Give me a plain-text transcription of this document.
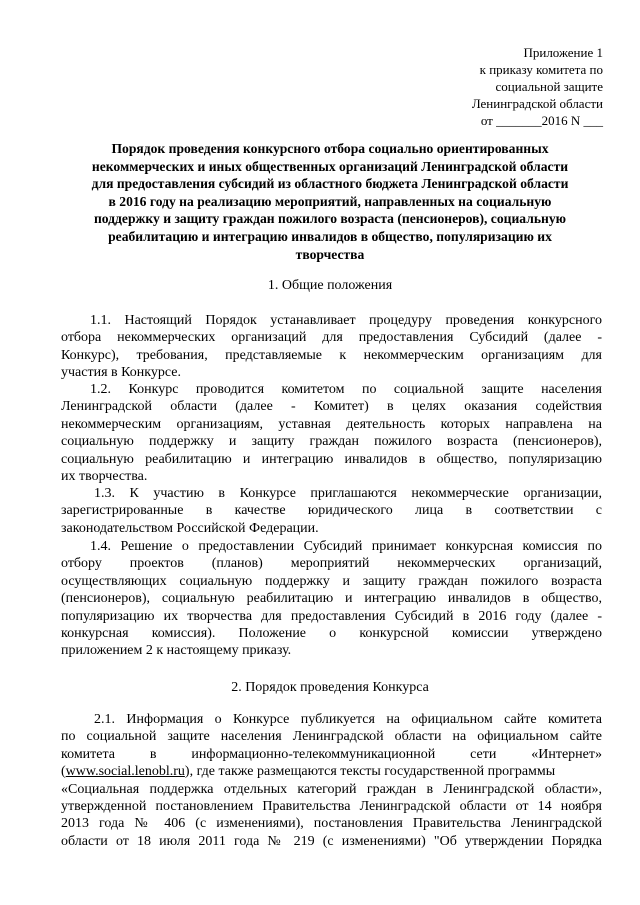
Приложение 1
к приказу комитета по
социальной защите
Ленинградской области
от _______2016 N ___
Порядок проведения конкурсного отбора социально ориентированных
некоммерческих и иных общественных организаций Ленинградской области
для предоставления субсидий из областного бюджета Ленинградской области
в 2016 году на реализацию мероприятий, направленных на социальную
поддержку и защиту граждан пожилого возраста (пенсионеров), социальную
реабилитацию и интеграцию инвалидов в общество, популяризацию их
творчества
1. Общие положения
1.1. Настоящий Порядок устанавливает процедуру проведения конкурсного
отбора некоммерческих организаций для предоставления Субсидий (далее -
Конкурс), требования, представляемые к некоммерческим организациям для
участия в Конкурсе.
1.2. Конкурс проводится комитетом по социальной защите населения
Ленинградской области (далее - Комитет) в целях оказания содействия
некоммерческим организациям, уставная деятельность которых направлена на
социальную поддержку и защиту граждан пожилого возраста (пенсионеров),
социальную реабилитацию и интеграцию инвалидов в общество, популяризацию
их творчества.
1.3. К участию в Конкурсе приглашаются некоммерческие организации,
зарегистрированные в качестве юридического лица в соответствии с
законодательством Российской Федерации.
1.4. Решение о предоставлении Субсидий принимает конкурсная комиссия по
отбору проектов (планов) мероприятий некоммерческих организаций,
осуществляющих социальную поддержку и защиту граждан пожилого возраста
(пенсионеров), социальную реабилитацию и интеграцию инвалидов в общество,
популяризацию их творчества для предоставления Субсидий в 2016 году (далее -
конкурсная комиссия). Положение о конкурсной комиссии утверждено
приложением 2 к настоящему приказу.
2. Порядок проведения Конкурса
2.1. Информация о Конкурсе публикуется на официальном сайте комитета
по социальной защите населения Ленинградской области на официальном сайте
комитета в информационно-телекоммуникационной сети «Интернет»
(www.social.lenobl.ru), где также размещаются тексты государственной программы
«Социальная поддержка отдельных категорий граждан в Ленинградской области»,
утвержденной постановлением Правительства Ленинградской области от 14 ноября
2013 года № 406 (с изменениями), постановления Правительства Ленинградской
области от 18 июля 2011 года № 219 (с изменениями) "Об утверждении Порядка
